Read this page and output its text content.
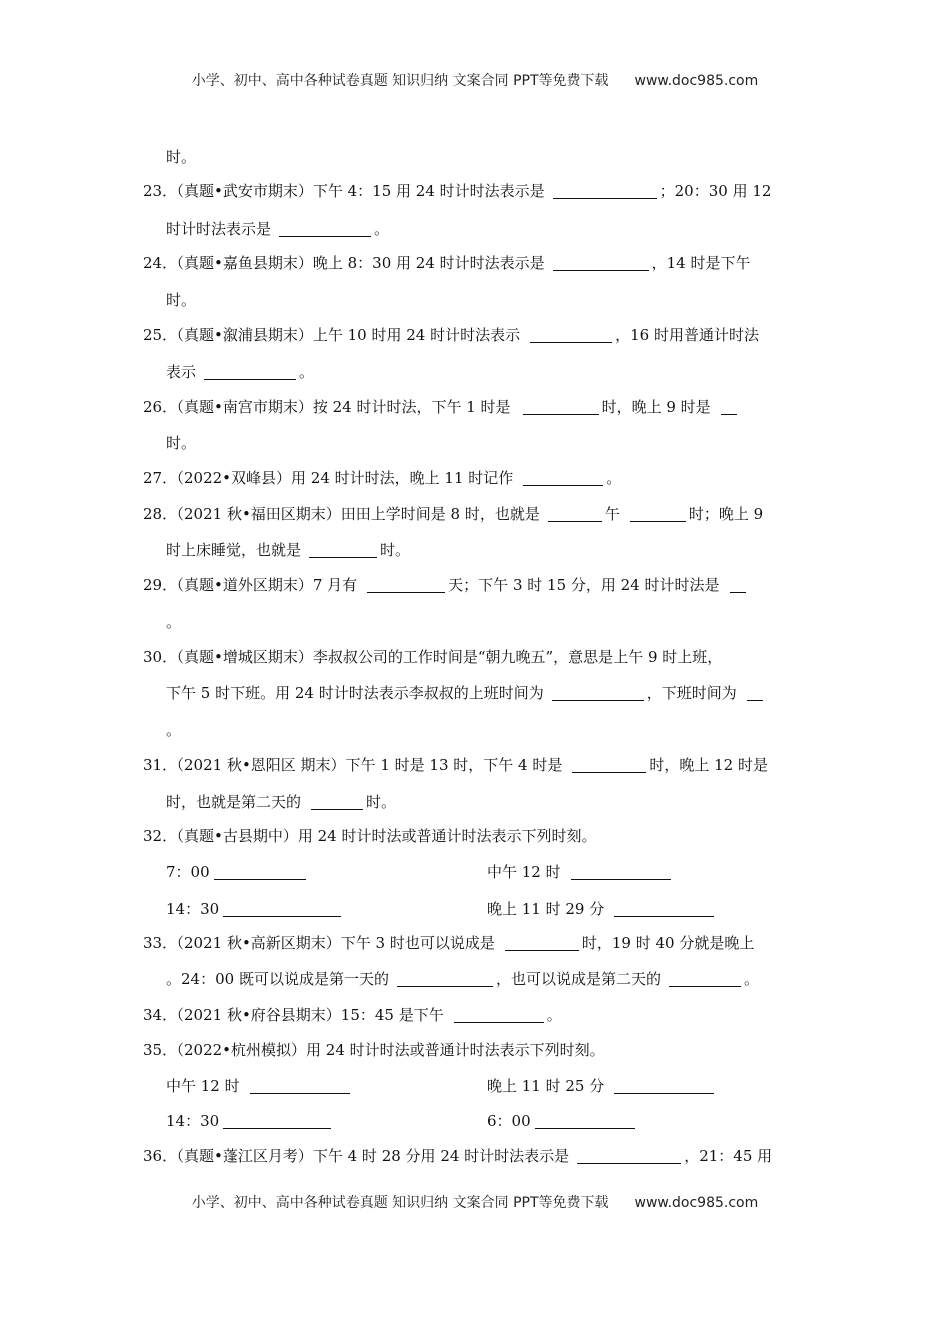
小学、初中、高中各种试卷真题 知识归纳 文案合同 PPT等免费下载 www.doc985.com
时。
23．（真题•武安市期末）下午 4：15 用 24 时计时法表示是	；20：30 用 12
时计时法表示是	。
24．（真题•嘉鱼县期末）晚上 8：30 用 24 时计时法表示是	，14 时是下午
时。
25．（真题•溆浦县期末）上午 10 时用 24 时计时法表示	，16 时用普通计时法
表示	。
26．（真题•南宫市期末）按 24 时计时法，下午 1 时是	时，晚上 9 时是
时。
27．（2022•双峰县）用 24 时计时法，晚上 11 时记作	。
28．（2021 秋•福田区期末）田田上学时间是 8 时，也就是	午	时；晚上 9
时上床睡觉，也就是	时。
29．（真题•道外区期末）7 月有	天；下午 3 时 15 分，用 24 时计时法是
。
30．（真题•增城区期末）李叔叔公司的工作时间是“朝九晚五”，意思是上午 9 时上班，
下午 5 时下班。用 24 时计时法表示李叔叔的上班时间为	，下班时间为
。
31．（2021 秋•恩阳区 期末）下午 1 时是 13 时，下午 4 时是	时，晚上 12 时是
时，也就是第二天的	时。
32．（真题•古县期中）用 24 时计时法或普通计时法表示下列时刻。
7：00	中午 12 时
14：30	晚上 11 时 29 分
33．（2021 秋•高新区期末）下午 3 时也可以说成是	时，19 时 40 分就是晚上
。24：00 既可以说成是第一天的	，也可以说成是第二天的	。
34．（2021 秋•府谷县期末）15：45 是下午	。
35．（2022•杭州模拟）用 24 时计时法或普通计时法表示下列时刻。
中午 12 时	晚上 11 时 25 分
14：30	6：00
36．（真题•蓬江区月考）下午 4 时 28 分用 24 时计时法表示是	，21：45 用
小学、初中、高中各种试卷真题 知识归纳 文案合同 PPT等免费下载 www.doc985.com
